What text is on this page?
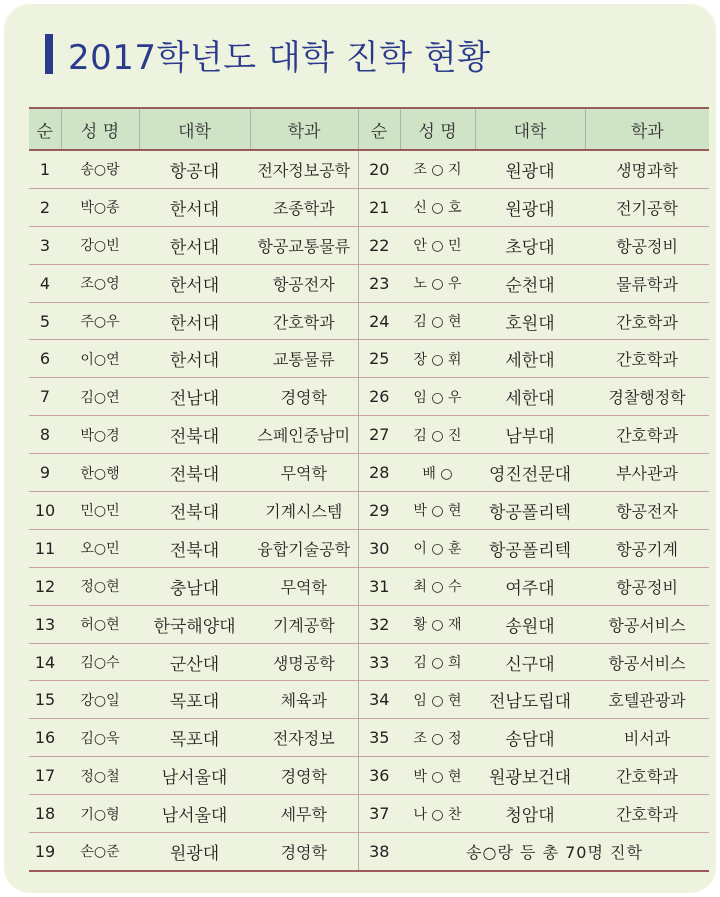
2017학년도 대학 진학 현황
순	성 명	대학	학과	순	성 명	대학	학과
1	송○랑	항공대	전자정보공학	20	조 ○ 지	원광대	생명과학
2	박○종	한서대	조종학과	21	신 ○ 호	원광대	전기공학
3	강○빈	한서대	항공교통물류	22	안 ○ 민	초당대	항공정비
4	조○영	한서대	항공전자	23	노 ○ 우	순천대	물류학과
5	주○우	한서대	간호학과	24	김 ○ 현	호원대	간호학과
6	이○연	한서대	교통물류	25	장 ○ 휘	세한대	간호학과
7	김○연	전남대	경영학	26	임 ○ 우	세한대	경찰행정학
8	박○경	전북대	스페인중남미	27	김 ○ 진	남부대	간호학과
9	한○행	전북대	무역학	28	배 ○	영진전문대	부사관과
10	민○민	전북대	기계시스템	29	박 ○ 현	항공폴리텍	항공전자
11	오○민	전북대	융합기술공학	30	이 ○ 훈	항공폴리텍	항공기계
12	정○현	충남대	무역학	31	최 ○ 수	여주대	항공정비
13	허○현	한국해양대	기계공학	32	황 ○ 재	송원대	항공서비스
14	김○수	군산대	생명공학	33	김 ○ 희	신구대	항공서비스
15	강○일	목포대	체육과	34	임 ○ 현	전남도립대	호텔관광과
16	김○욱	목포대	전자정보	35	조 ○ 정	송담대	비서과
17	정○철	남서울대	경영학	36	박 ○ 현	원광보건대	간호학과
18	기○형	남서울대	세무학	37	나 ○ 찬	청암대	간호학과
19	손○준	원광대	경영학	38	송○랑 등 총 70명 진학		
